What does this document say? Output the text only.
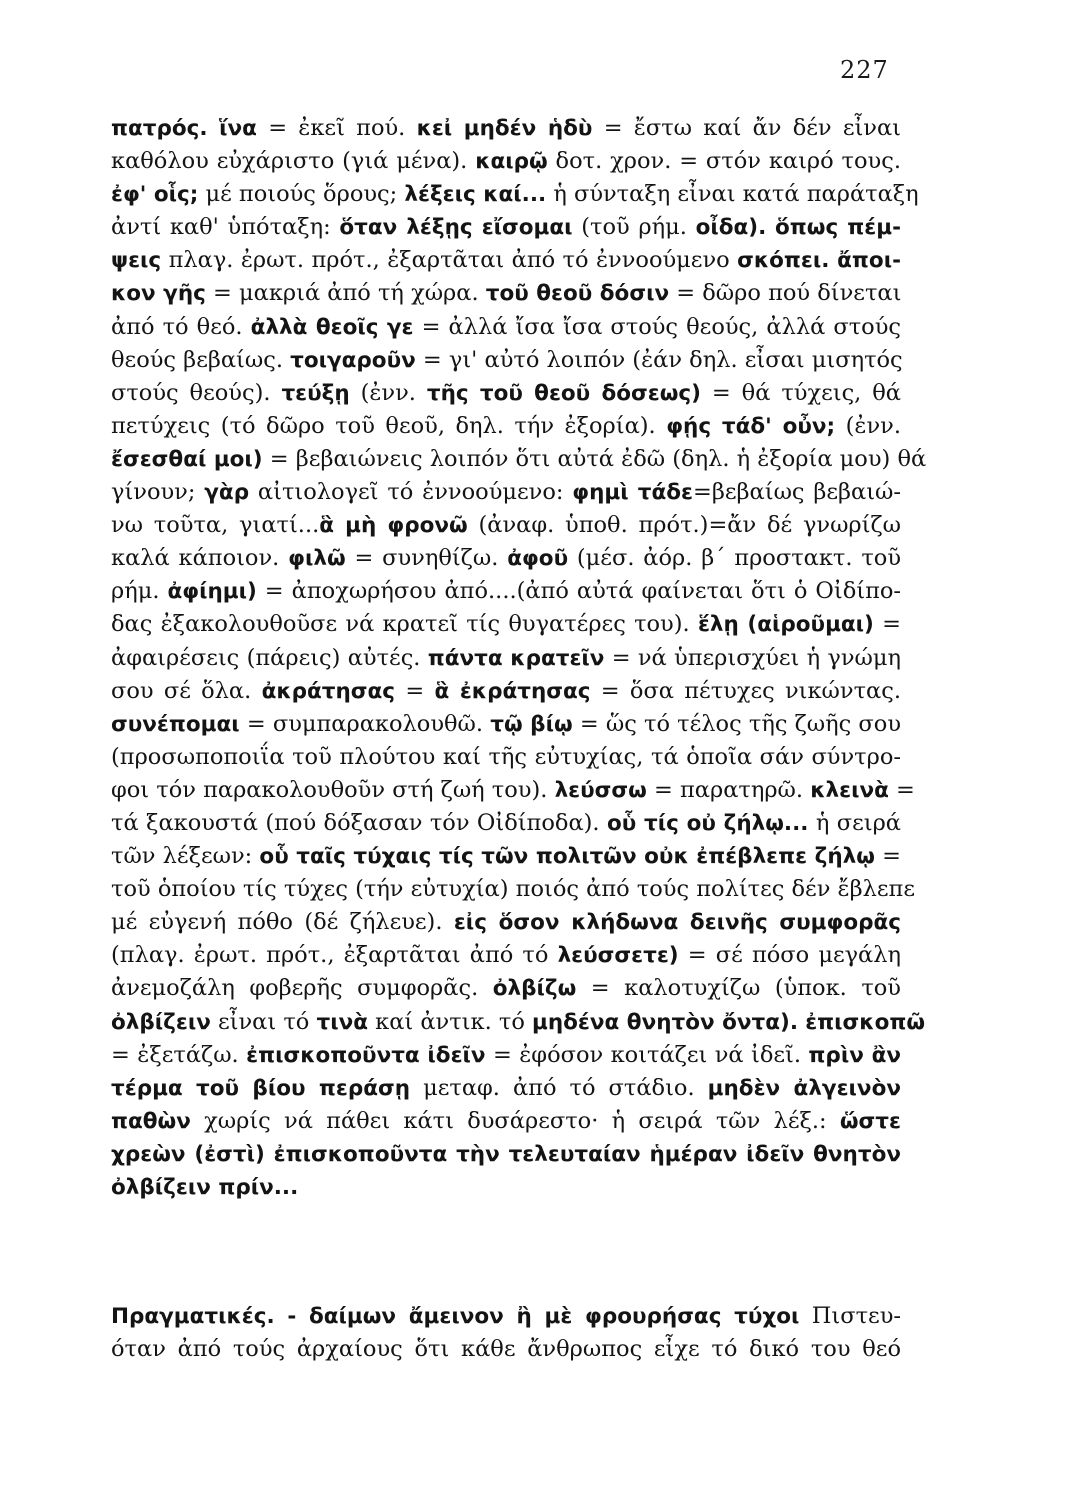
227
πατρός. ἵνα = ἐκεῖ πού. κεἰ μηδέν ἡδὺ = ἔστω καί ἄν δέν εἶναι
καθόλου εὐχάριστο (γιά μένα). καιρῷ δοτ. χρον. = στόν καιρό τους.
ἐφ' οἷς; μέ ποιούς ὅρους; λέξεις καί... ἡ σύνταξη εἶναι κατά παράταξη
ἀντί καθ' ὑπόταξη: ὅταν λέξῃς εἴσομαι (τοῦ ρήμ. οἶδα). ὅπως πέμ-
ψεις πλαγ. ἐρωτ. πρότ., ἐξαρτᾶται ἀπό τό ἐννοούμενο σκόπει. ἄποι-
κον γῆς = μακριά ἀπό τή χώρα. τοῦ θεοῦ δόσιν = δῶρο πού δίνεται
ἀπό τό θεό. ἀλλὰ θεοῖς γε = ἀλλά ἴσα ἴσα στούς θεούς, ἀλλά στούς
θεούς βεβαίως. τοιγαροῦν = γι' αὐτό λοιπόν (ἐάν δηλ. εἶσαι μισητός
στούς θεούς). τεύξῃ (ἐνν. τῆς τοῦ θεοῦ δόσεως) = θά τύχεις, θά
πετύχεις (τό δῶρο τοῦ θεοῦ, δηλ. τήν ἐξορία). φῄς τάδ' οὖν; (ἐνν.
ἔσεσθαί μοι) = βεβαιώνεις λοιπόν ὅτι αὐτά ἐδῶ (δηλ. ἡ ἐξορία μου) θά
γίνουν; γὰρ αἰτιολογεῖ τό ἐννοούμενο: φημὶ τάδε=βεβαίως βεβαιώ-
νω τοῦτα, γιατί...ἃ μὴ φρονῶ (ἀναφ. ὑποθ. πρότ.)=ἄν δέ γνωρίζω
καλά κάποιον. φιλῶ = συνηθίζω. ἀφοῦ (μέσ. ἀόρ. β΄ προστακτ. τοῦ
ρήμ. ἀφίημι) = ἀποχωρήσου ἀπό....(ἀπό αὐτά φαίνεται ὅτι ὁ Οἰδίπο-
δας ἐξακολουθοῦσε νά κρατεῖ τίς θυγατέρες του). ἕλῃ (αἱροῦμαι) =
ἀφαιρέσεις (πάρεις) αὐτές. πάντα κρατεῖν = νά ὑπερισχύει ἡ γνώμη
σου σέ ὅλα. ἀκράτησας = ἃ ἐκράτησας = ὅσα πέτυχες νικώντας.
συνέπομαι = συμπαρακολουθῶ. τῷ βίῳ = ὥς τό τέλος τῆς ζωῆς σου
(προσωποποιΐα τοῦ πλούτου καί τῆς εὐτυχίας, τά ὁποῖα σάν σύντρο-
φοι τόν παρακολουθοῦν στή ζωή του). λεύσσω = παρατηρῶ. κλεινὰ =
τά ξακουστά (πού δόξασαν τόν Οἰδίποδα). οὗ τίς οὐ ζήλῳ... ἡ σειρά
τῶν λέξεων: οὗ ταῖς τύχαις τίς τῶν πολιτῶν οὐκ ἐπέβλεπε ζήλῳ =
τοῦ ὁποίου τίς τύχες (τήν εὐτυχία) ποιός ἀπό τούς πολίτες δέν ἔβλεπε
μέ εὐγενή πόθο (δέ ζήλευε). εἰς ὅσον κλήδωνα δεινῆς συμφορᾶς
(πλαγ. ἐρωτ. πρότ., ἐξαρτᾶται ἀπό τό λεύσσετε) = σέ πόσο μεγάλη
ἀνεμοζάλη φοβερῆς συμφορᾶς. ὀλβίζω = καλοτυχίζω (ὑποκ. τοῦ
ὀλβίζειν εἶναι τό τινὰ καί ἀντικ. τό μηδένα θνητὸν ὄντα). ἐπισκοπῶ
= ἐξετάζω. ἐπισκοποῦντα ἰδεῖν = ἐφόσον κοιτάζει νά ἰδεῖ. πρὶν ἂν
τέρμα τοῦ βίου περάσῃ μεταφ. ἀπό τό στάδιο. μηδὲν ἀλγεινὸν
παθὼν χωρίς νά πάθει κάτι δυσάρεστο· ἡ σειρά τῶν λέξ.: ὥστε
χρεὼν (ἐστὶ) ἐπισκοποῦντα τὴν τελευταίαν ἡμέραν ἰδεῖν θνητὸν
ὀλβίζειν πρίν...
Πραγματικές. - δαίμων ἄμεινον ἢ μὲ φρουρήσας τύχοι Πιστευ-
όταν ἀπό τούς ἀρχαίους ὅτι κάθε ἄνθρωπος εἶχε τό δικό του θεό
